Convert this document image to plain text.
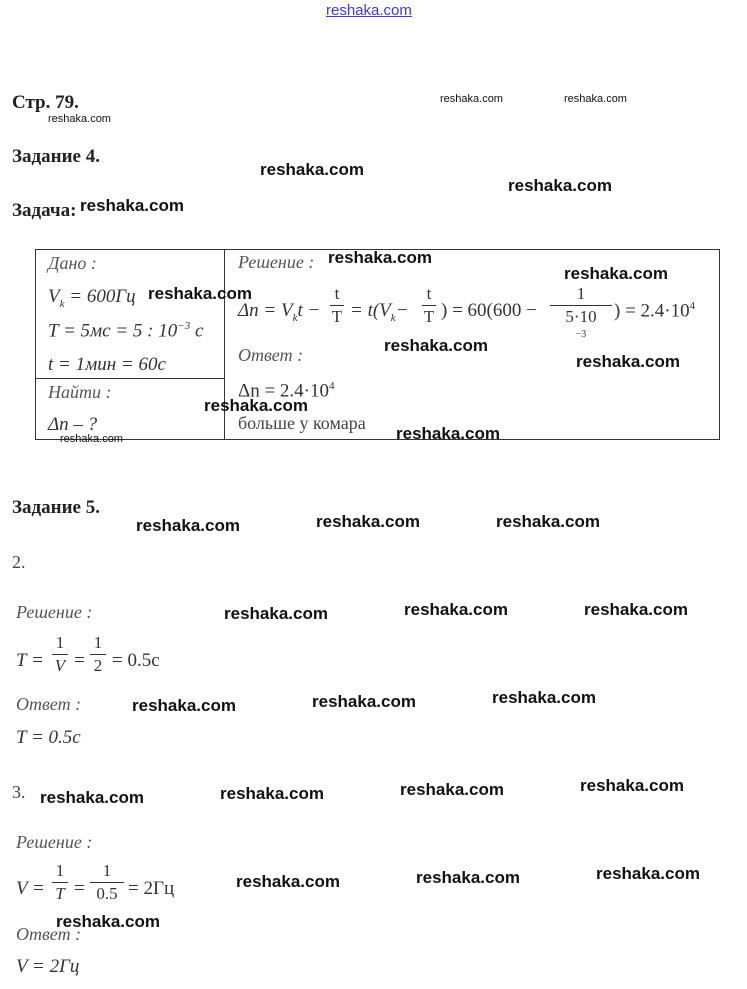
reshaka.com
Стр. 79.
Задание 4.
Задача:
Дано :
$V_k = 600Гц$
T = 5мс = 5 : $10^{-3}$ с
t = 1мин = 60с
Найти :
Δn – ?
Решение :
$\Delta n = V_kt$ −
t
$T = t(V_k-$
t
T ) = 60(600 −
1
5·10
$^{-3}$
) = $2.4\cdot 10^4$
Ответ :
$\Delta n = 2.4\cdot 10^4$
больше у комара
Задание 5.
2.
Решение :
T =
1
V =
1
2 = 0.5с
Ответ :
T = 0.5с
3.
Решение :
V =
1
T =
1
0.5 = 2Гц
Ответ :
V = 2Гц
reshaka.com	reshaka.com
reshaka.com
reshaka.com
reshaka.com
reshaka.com
reshaka.com
reshaka.com
reshaka.com
reshaka.com
reshaka.com
reshaka.com
reshaka.com
reshaka.com
reshaka.com	reshaka.com	reshaka.com
reshaka.com	reshaka.com	reshaka.com
reshaka.com	reshaka.com	reshaka.com
reshaka.com	reshaka.com	reshaka.com	reshaka.com
reshaka.com	reshaka.com	reshaka.com
reshaka.com
